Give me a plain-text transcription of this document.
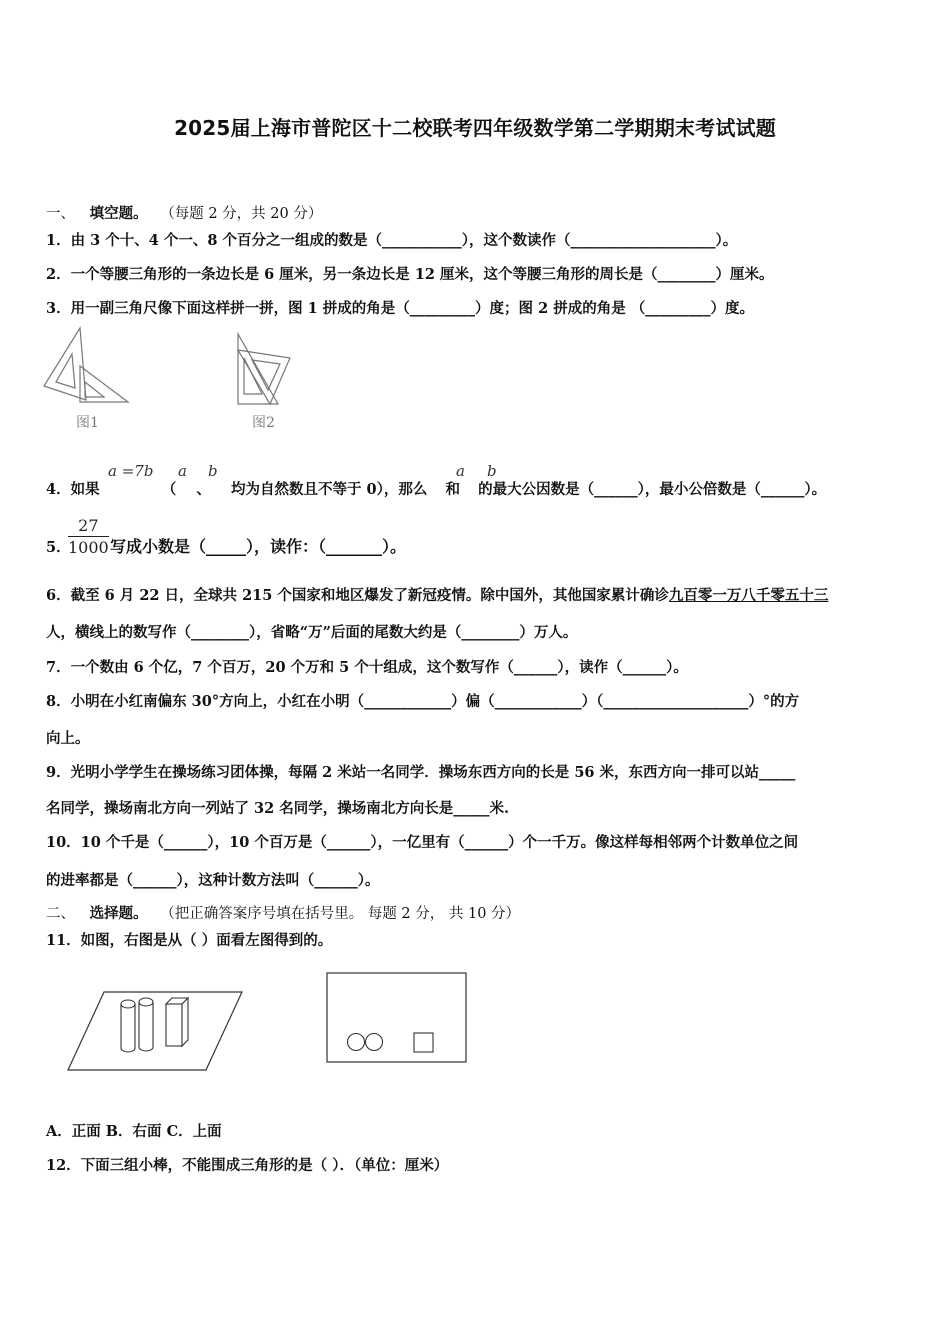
2025届上海市普陀区十二校联考四年级数学第二学期期末考试试题
一、 填空题。 （每题 2 分，共 20 分）
1．由 3 个十、4 个一、8 个百分之一组成的数是（___________），这个数读作（____________________）。
2．一个等腰三角形的一条边长是 6 厘米，另一条边长是 12 厘米，这个等腰三角形的周长是（________）厘米。
3．用一副三角尺像下面这样拼一拼，图 1 拼成的角是（_________）度；图 2 拼成的角是 （_________）度。
图1	图2
a =7b a b	a b
4．如果	（ 、 均为自然数且不等于 0），那么 和 的最大公因数是（______），最小公倍数是（______）。
5．
$\frac{27}{1000}$ 写成小数是（_____），读作：（_______）。
6．截至 6 月 22 日，全球共 215 个国家和地区爆发了新冠疫情。除中国外，其他国家累计确诊九百零一万八千零五十三
人，横线上的数写作（________），省略“万”后面的尾数大约是（________）万人。
7．一个数由 6 个亿，7 个百万，20 个万和 5 个十组成，这个数写作（______），读作（______）。
8．小明在小红南偏东 30°方向上，小红在小明（____________）偏（____________）（____________________）°的方
向上。
9．光明小学学生在操场练习团体操，每隔 2 米站一名同学．操场东西方向的长是 56 米，东西方向一排可以站_____
名同学，操场南北方向一列站了 32 名同学，操场南北方向长是_____米.
10．10 个千是（______），10 个百万是（______），一亿里有（______）个一千万。像这样每相邻两个计数单位之间
的进率都是（______），这种计数方法叫（______）。
二、 选择题。 （把正确答案序号填在括号里。 每题 2 分， 共 10 分）
11．如图，右图是从（ ）面看左图得到的。
A．正面 B．右面 C．上面
12．下面三组小棒，不能围成三角形的是（ ）．（单位：厘米）
